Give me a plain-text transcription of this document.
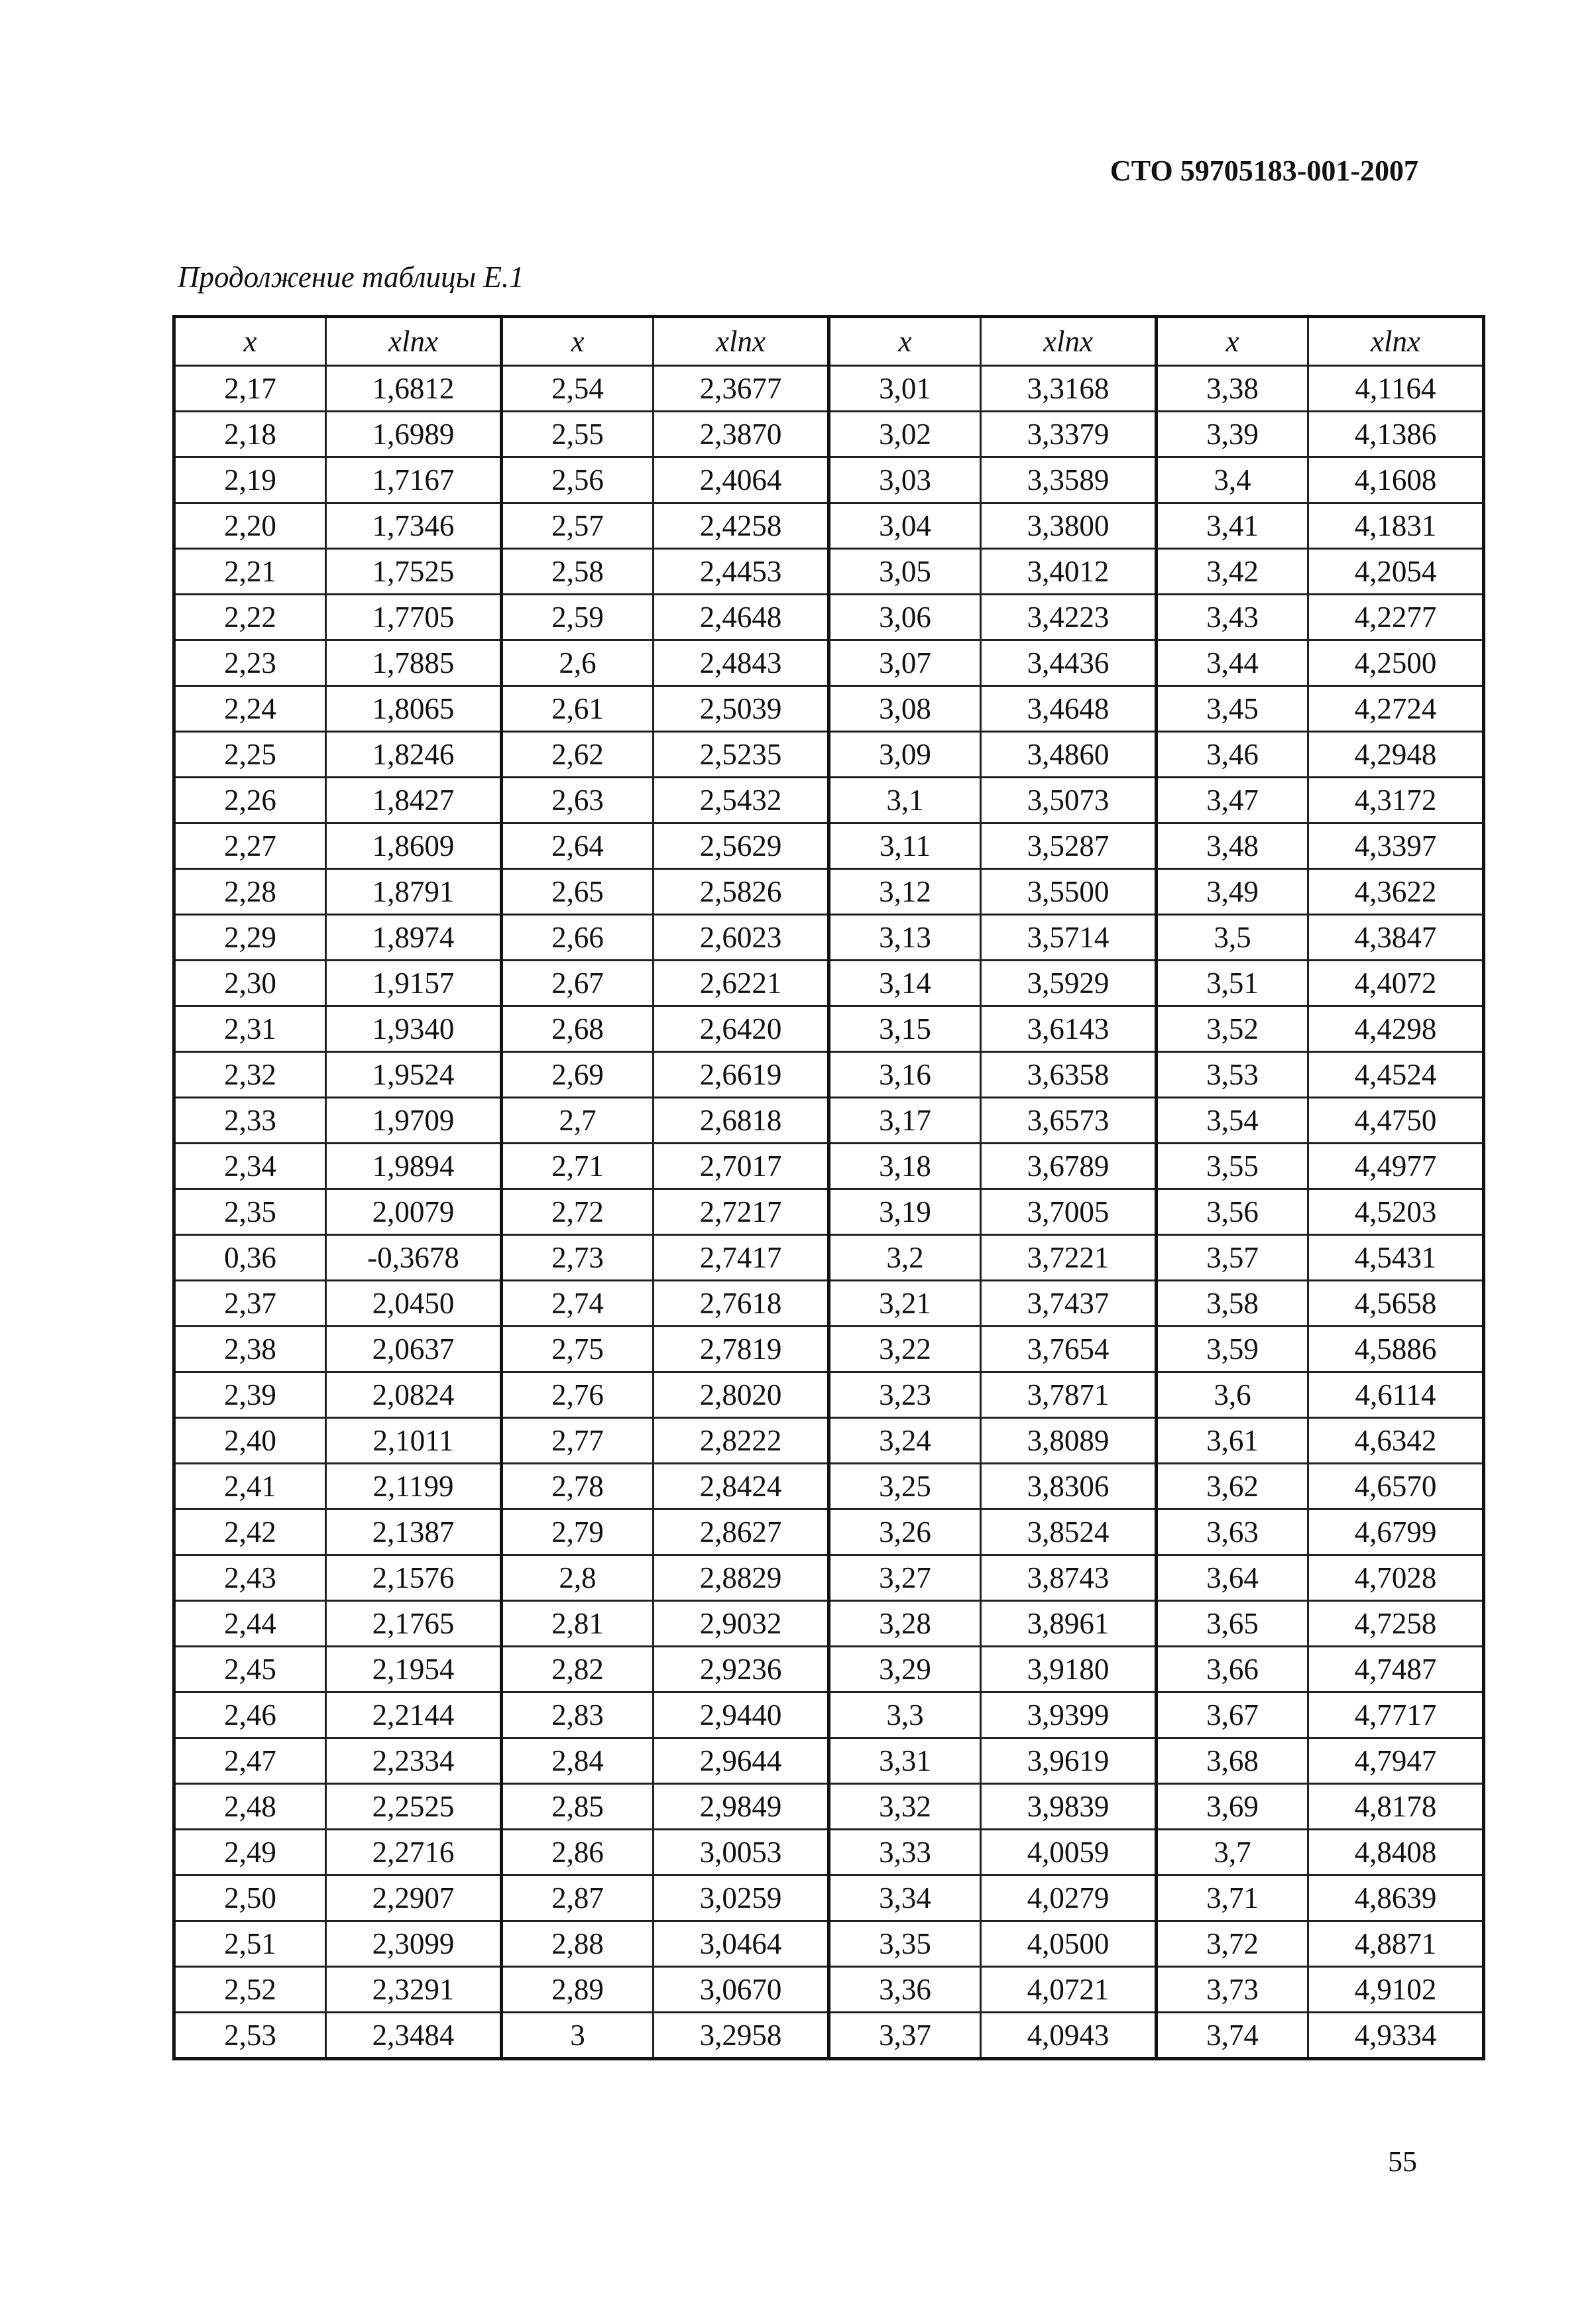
СТО 59705183-001-2007

Продолжение таблицы Е.1

x	xlnx	x	xlnx	x	xlnx	x	xlnx
2,17	1,6812	2,54	2,3677	3,01	3,3168	3,38	4,1164
2,18	1,6989	2,55	2,3870	3,02	3,3379	3,39	4,1386
2,19	1,7167	2,56	2,4064	3,03	3,3589	3,4	4,1608
2,20	1,7346	2,57	2,4258	3,04	3,3800	3,41	4,1831
2,21	1,7525	2,58	2,4453	3,05	3,4012	3,42	4,2054
2,22	1,7705	2,59	2,4648	3,06	3,4223	3,43	4,2277
2,23	1,7885	2,6	2,4843	3,07	3,4436	3,44	4,2500
2,24	1,8065	2,61	2,5039	3,08	3,4648	3,45	4,2724
2,25	1,8246	2,62	2,5235	3,09	3,4860	3,46	4,2948
2,26	1,8427	2,63	2,5432	3,1	3,5073	3,47	4,3172
2,27	1,8609	2,64	2,5629	3,11	3,5287	3,48	4,3397
2,28	1,8791	2,65	2,5826	3,12	3,5500	3,49	4,3622
2,29	1,8974	2,66	2,6023	3,13	3,5714	3,5	4,3847
2,30	1,9157	2,67	2,6221	3,14	3,5929	3,51	4,4072
2,31	1,9340	2,68	2,6420	3,15	3,6143	3,52	4,4298
2,32	1,9524	2,69	2,6619	3,16	3,6358	3,53	4,4524
2,33	1,9709	2,7	2,6818	3,17	3,6573	3,54	4,4750
2,34	1,9894	2,71	2,7017	3,18	3,6789	3,55	4,4977
2,35	2,0079	2,72	2,7217	3,19	3,7005	3,56	4,5203
0,36	-0,3678	2,73	2,7417	3,2	3,7221	3,57	4,5431
2,37	2,0450	2,74	2,7618	3,21	3,7437	3,58	4,5658
2,38	2,0637	2,75	2,7819	3,22	3,7654	3,59	4,5886
2,39	2,0824	2,76	2,8020	3,23	3,7871	3,6	4,6114
2,40	2,1011	2,77	2,8222	3,24	3,8089	3,61	4,6342
2,41	2,1199	2,78	2,8424	3,25	3,8306	3,62	4,6570
2,42	2,1387	2,79	2,8627	3,26	3,8524	3,63	4,6799
2,43	2,1576	2,8	2,8829	3,27	3,8743	3,64	4,7028
2,44	2,1765	2,81	2,9032	3,28	3,8961	3,65	4,7258
2,45	2,1954	2,82	2,9236	3,29	3,9180	3,66	4,7487
2,46	2,2144	2,83	2,9440	3,3	3,9399	3,67	4,7717
2,47	2,2334	2,84	2,9644	3,31	3,9619	3,68	4,7947
2,48	2,2525	2,85	2,9849	3,32	3,9839	3,69	4,8178
2,49	2,2716	2,86	3,0053	3,33	4,0059	3,7	4,8408
2,50	2,2907	2,87	3,0259	3,34	4,0279	3,71	4,8639
2,51	2,3099	2,88	3,0464	3,35	4,0500	3,72	4,8871
2,52	2,3291	2,89	3,0670	3,36	4,0721	3,73	4,9102
2,53	2,3484	3	3,2958	3,37	4,0943	3,74	4,9334

55
